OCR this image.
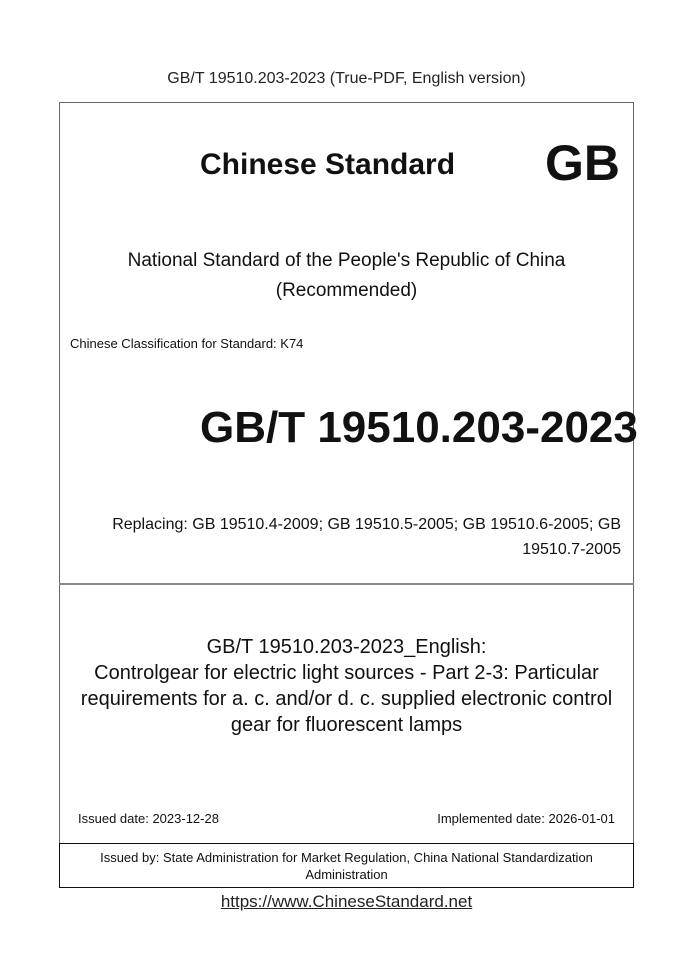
GB/T 19510.203-2023 (True-PDF, English version)
Chinese Standard GB
National Standard of the People's Republic of China
(Recommended)
Chinese Classification for Standard: K74
GB/T 19510.203-2023
Replacing: GB 19510.4-2009; GB 19510.5-2005; GB 19510.6-2005; GB
19510.7-2005
GB/T 19510.203-2023_English:
Controlgear for electric light sources - Part 2-3: Particular
requirements for a. c. and/or d. c. supplied electronic control
gear for fluorescent lamps
Issued date: 2023-12-28	Implemented date: 2026-01-01
Issued by: State Administration for Market Regulation, China National Standardization
Administration
https://www.ChineseStandard.net
